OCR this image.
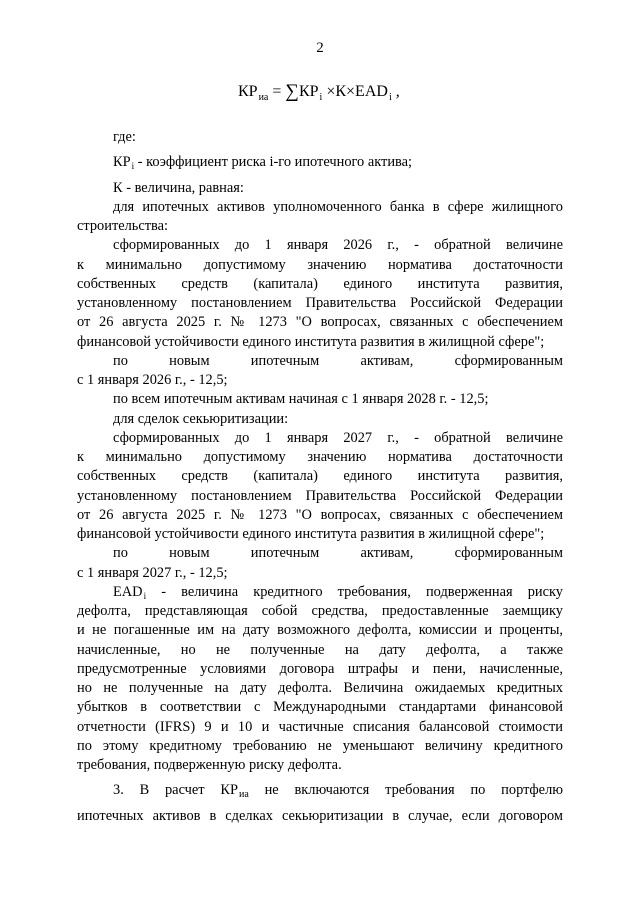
2
$КР_{иа} = \sum КР_i \times К\times EAD_i$ ,
где:
$КР_i$ - коэффициент риска i-го ипотечного актива;
К - величина, равная:
для ипотечных активов уполномоченного банка в сфере жилищного
строительства:
сформированных до 1 января 2026 г., - обратной величине
к минимально допустимому значению норматива достаточности
собственных средств (капитала) единого института развития,
установленному постановлением Правительства Российской Федерации
от 26 августа 2025 г. № 1273 "О вопросах, связанных с обеспечением
финансовой устойчивости единого института развития в жилищной сфере";
по новым ипотечным активам, сформированным
с 1 января 2026 г., - 12,5;
по всем ипотечным активам начиная с 1 января 2028 г. - 12,5;
для сделок секьюритизации:
сформированных до 1 января 2027 г., - обратной величине
к минимально допустимому значению норматива достаточности
собственных средств (капитала) единого института развития,
установленному постановлением Правительства Российской Федерации
от 26 августа 2025 г. № 1273 "О вопросах, связанных с обеспечением
финансовой устойчивости единого института развития в жилищной сфере";
по новым ипотечным активам, сформированным
с 1 января 2027 г., - 12,5;
$EAD_i$ - величина кредитного требования, подверженная риску
дефолта, представляющая собой средства, предоставленные заемщику
и не погашенные им на дату возможного дефолта, комиссии и проценты,
начисленные, но не полученные на дату дефолта, а также
предусмотренные условиями договора штрафы и пени, начисленные,
но не полученные на дату дефолта. Величина ожидаемых кредитных
убытков в соответствии с Международными стандартами финансовой
отчетности (IFRS) 9 и 10 и частичные списания балансовой стоимости
по этому кредитному требованию не уменьшают величину кредитного
требования, подверженную риску дефолта.
3. В расчет $КР_{иа}$ не включаются требования по портфелю
ипотечных активов в сделках секьюритизации в случае, если договором
